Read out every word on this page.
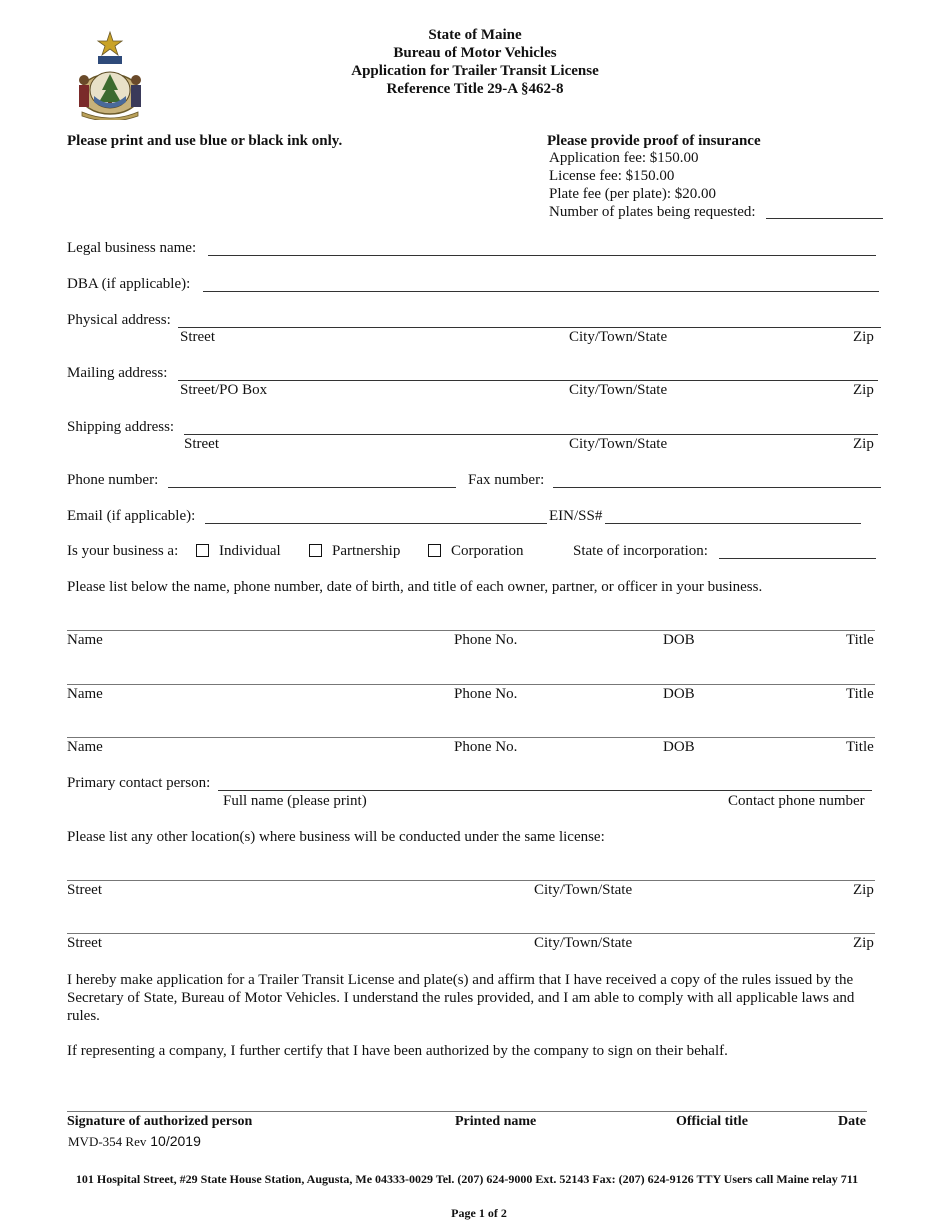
State of Maine
Bureau of Motor Vehicles
Application for Trailer Transit License
Reference Title 29-A §462-8
Please print and use blue or black ink only.	Please provide proof of insurance
Application fee: $150.00
License fee: $150.00
Plate fee (per plate): $20.00
Number of plates being requested:
Legal business name:
DBA (if applicable):
Physical address:
Street	City/Town/State	Zip
Mailing address:
Street/PO Box	City/Town/State	Zip
Shipping address:
Street	City/Town/State	Zip
Phone number:	Fax number:
Email (if applicable):	EIN/SS#
Is your business a:	Individual	Partnership	Corporation	State of incorporation:
Please list below the name, phone number, date of birth, and title of each owner, partner, or officer in your business.
Name	Phone No.	DOB	Title
Name	Phone No.	DOB	Title
Name	Phone No.	DOB	Title
Primary contact person:
Full name (please print)	Contact phone number
Please list any other location(s) where business will be conducted under the same license:
Street	City/Town/State	Zip
Street	City/Town/State	Zip
I hereby make application for a Trailer Transit License and plate(s) and affirm that I have received a copy of the rules issued by the Secretary of State, Bureau of Motor Vehicles. I understand the rules provided, and I am able to comply with all applicable laws and rules.
If representing a company, I further certify that I have been authorized by the company to sign on their behalf.
Signature of authorized person	Printed name	Official title	Date
MVD-354 Rev 10/2019
101 Hospital Street, #29 State House Station, Augusta, Me 04333-0029 Tel. (207) 624-9000 Ext. 52143 Fax: (207) 624-9126 TTY Users call Maine relay 711
Page 1 of 2
